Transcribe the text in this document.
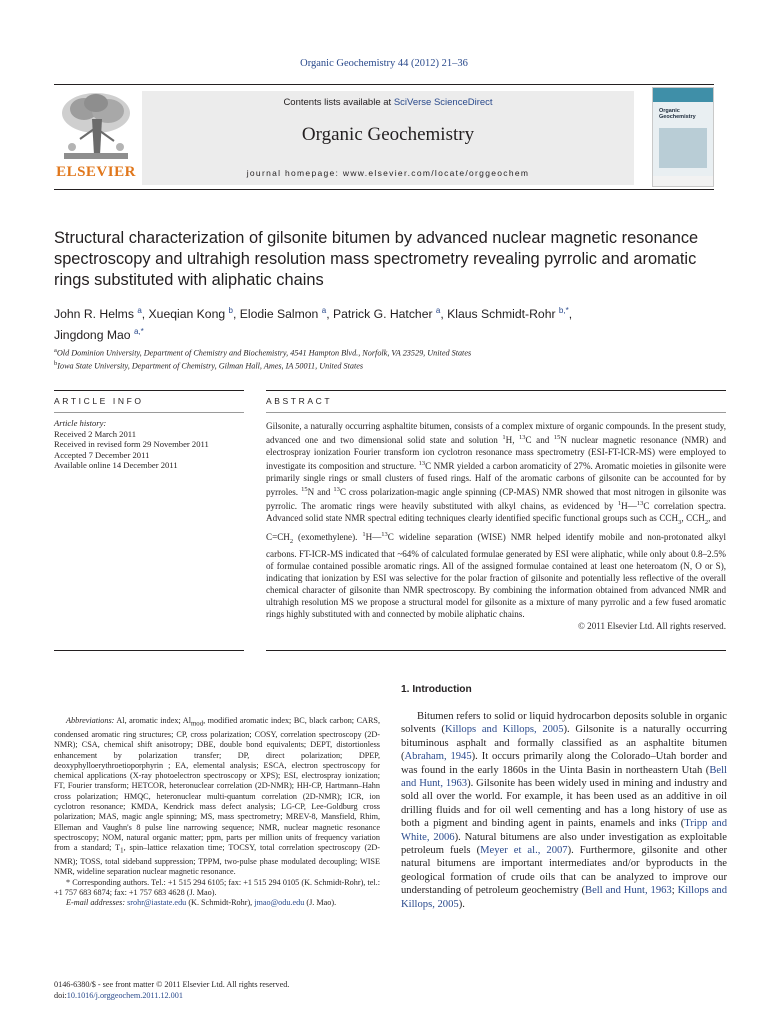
Organic Geochemistry 44 (2012) 21–36
ELSEVIER
Contents lists available at SciVerse ScienceDirect
Organic Geochemistry
journal homepage: www.elsevier.com/locate/orggeochem
Organic Geochemistry
Structural characterization of gilsonite bitumen by advanced nuclear magnetic resonance spectroscopy and ultrahigh resolution mass spectrometry revealing pyrrolic and aromatic rings substituted with aliphatic chains
John R. Helms $^a$, Xueqian Kong $^b$, Elodie Salmon $^a$, Patrick G. Hatcher $^a$, Klaus Schmidt-Rohr $^{b,*}$,
Jingdong Mao $^{a,*}$
$^a$Old Dominion University, Department of Chemistry and Biochemistry, 4541 Hampton Blvd., Norfolk, VA 23529, United States
$^b$Iowa State University, Department of Chemistry, Gilman Hall, Ames, IA 50011, United States
ARTICLE INFO	ABSTRACT
Article history:
Received 2 March 2011
Received in revised form 29 November 2011
Accepted 7 December 2011
Available online 14 December 2011
Gilsonite, a naturally occurring asphaltite bitumen, consists of a complex mixture of organic compounds. In the present study, advanced one and two dimensional solid state and solution $^1$H, $^{13}$C and $^{15}$N nuclear magnetic resonance (NMR) and electrospray ionization Fourier transform ion cyclotron resonance mass spectrometry (ESI-FT-ICR-MS) were employed to investigate its composition and structure. $^{13}$C NMR yielded a carbon aromaticity of 27%. Aromatic moieties in gilsonite were primarily single rings or small clusters of fused rings. Half of the aromatic carbons of gilsonite can be accounted for by pyrroles. $^{15}$N and $^{13}$C cross polarization-magic angle spinning (CP-MAS) NMR showed that most nitrogen in gilsonite was pyrrolic. The aromatic rings were heavily substituted with alkyl chains, as evidenced by $^1$H—$^{13}$C correlation spectra. Advanced solid state NMR spectral editing techniques clearly identified specific functional groups such as $CCH_3$, $CCH_2$, and $C=CH_2$ (exomethylene). $^1$H—$^{13}$C wideline separation (WISE) NMR helped identify mobile and non-protonated alkyl carbons. FT-ICR-MS indicated that ~64% of calculated formulae generated by ESI were aliphatic, while only about 0.8–2.5% of formulae contained possible aromatic rings. All of the assigned formulae contained at least one heteroatom (N, O or S), indicating that ionization by ESI was selective for the polar fraction of gilsonite and potentially less reflective of the overall chemical character of gilsonite than NMR spectroscopy. By combining the information obtained from advanced NMR and ultrahigh resolution MS we propose a structural model for gilsonite as a mixture of many pyrrolic and a few fused aromatic rings highly substituted with and connected by mobile aliphatic chains.
© 2011 Elsevier Ltd. All rights reserved.
1. Introduction
Bitumen refers to solid or liquid hydrocarbon deposits soluble in organic solvents (Killops and Killops, 2005). Gilsonite is a naturally occurring bituminous asphalt and formally classified as an asphaltite bitumen (Abraham, 1945). It occurs primarily along the Colorado–Utah border and was found in the early 1860s in the Uinta Basin in northeastern Utah (Bell and Hunt, 1963). Gilsonite has been widely used in mining and industry and sold all over the world. For example, it has been used as an additive in oil drilling fluids and for oil well cementing and has a long history of use as both a pigment and binding agent in paints, enamels and inks (Tripp and White, 2006). Natural bitumens are also under investigation as exploitable petroleum fuels (Meyer et al., 2007). Furthermore, gilsonite and other natural bitumens are important intermediates and/or byproducts in the geological formation of crude oils that can be analyzed to improve our understanding of petroleum geochemistry (Bell and Hunt, 1963; Killops and Killops, 2005).

Abbreviations: Al, aromatic index; $Al_{mod}$, modified aromatic index; BC, black carbon; CARS, condensed aromatic ring structures; CP, cross polarization; COSY, correlation spectroscopy (2D-NMR); CSA, chemical shift anisotropy; DBE, double bond equivalents; DEPT, distortionless enhancement by polarization transfer; DP, direct polarization; DPEP, deoxyphylloerythroetioporphyrin ; EA, elemental analysis; ESCA, electron spectroscopy for chemical applications (X-ray photoelectron spectroscopy or XPS); ESI, electrospray ionization; FT, Fourier transform; HETCOR, heteronuclear correlation (2D-NMR); HH-CP, Hartmann–Hahn cross polarization; HMQC, heteronuclear multi-quantum correlation (2D-NMR); ICR, ion cyclotron resonance; KMDA, Kendrick mass defect analysis; LG-CP, Lee-Goldburg cross polarization; MAS, magic angle spinning; MS, mass spectrometry; MREV-8, Mansfield, Rhim, Elleman and Vaughn's 8 pulse line narrowing sequence; NMR, nuclear magnetic resonance spectroscopy; NOM, natural organic matter; ppm, parts per million units of frequency variation from a standard; $T_1$, spin–lattice relaxation time; TOCSY, total correlation spectroscopy (2D-NMR); TOSS, total sideband suppression; TPPM, two-pulse phase modulated decoupling; WISE NMR, wideline separation nuclear magnetic resonance.

* Corresponding authors. Tel.: +1 515 294 6105; fax: +1 515 294 0105 (K. Schmidt-Rohr), tel.: +1 757 683 6874; fax: +1 757 683 4628 (J. Mao).

E-mail addresses: srohr@iastate.edu (K. Schmidt-Rohr), jmao@odu.edu (J. Mao).

0146-6380/$ - see front matter © 2011 Elsevier Ltd. All rights reserved.
doi:10.1016/j.orggeochem.2011.12.001
